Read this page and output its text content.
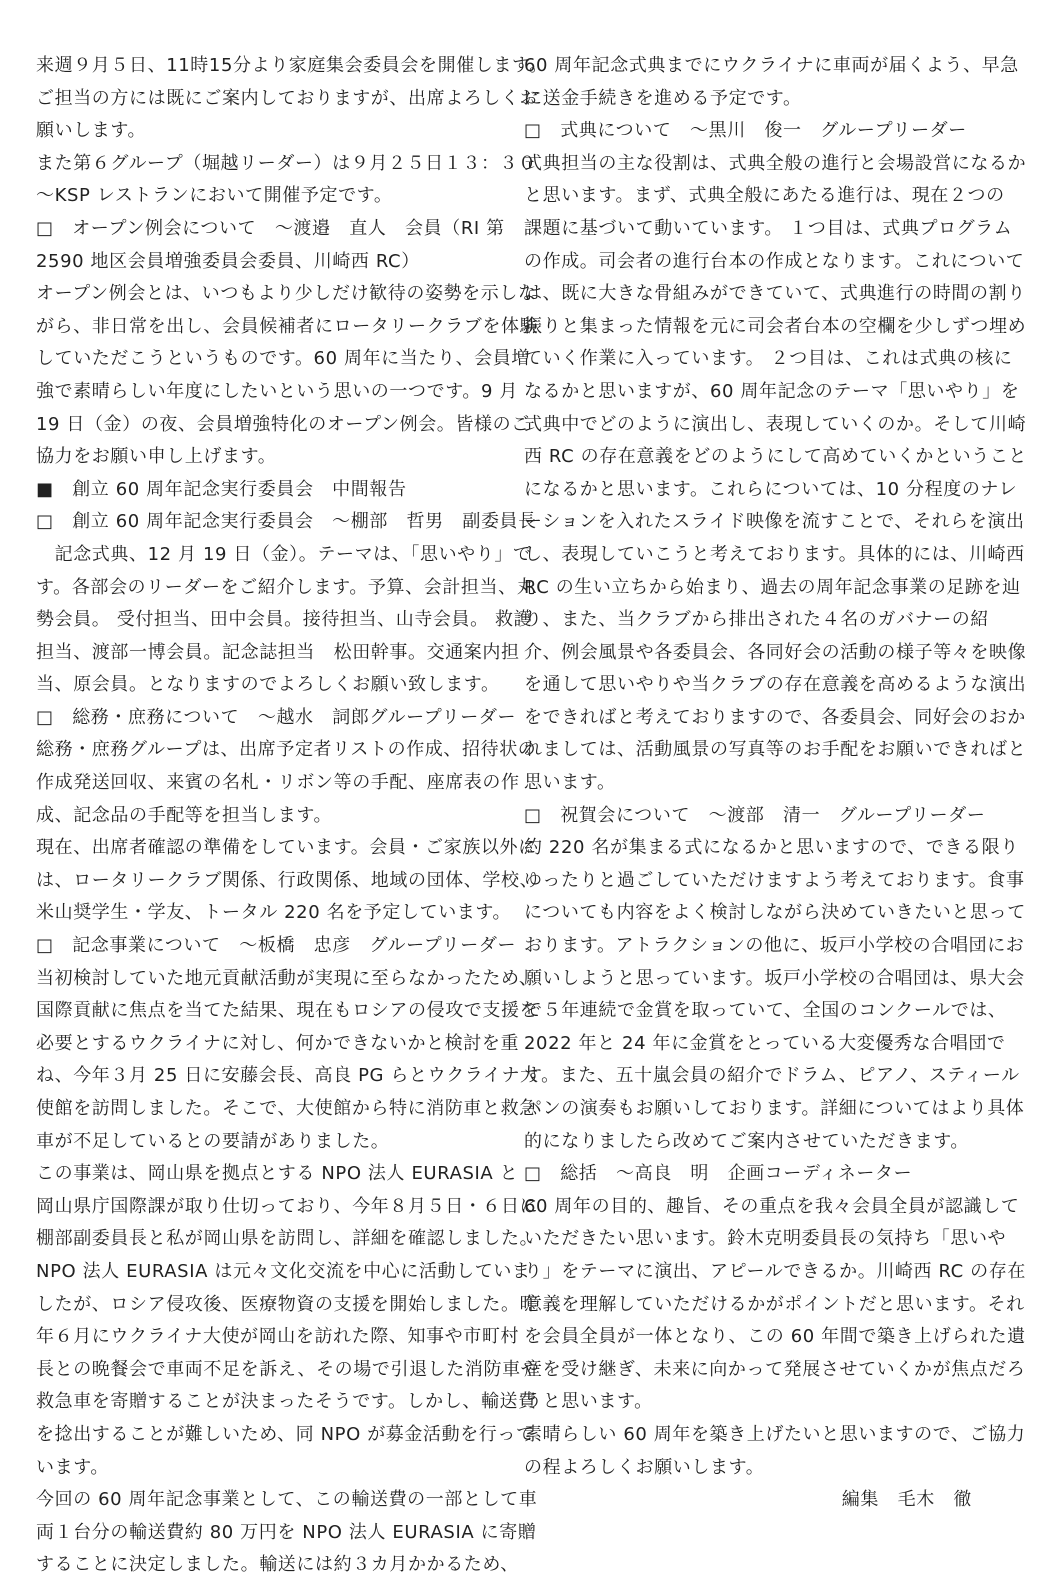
来週９月５日、11時15分より家庭集会委員会を開催します。
ご担当の方には既にご案内しておりますが、出席よろしくお
願いします。
また第６グループ（堀越リーダー）は９月２５日１３：３０
～KSP レストランにおいて開催予定です。
□　オープン例会について　～渡邉　直人　会員（RI 第
2590 地区会員増強委員会委員、川崎西 RC）
オープン例会とは、いつもより少しだけ歓待の姿勢を示しな
がら、非日常を出し、会員候補者にロータリークラブを体験
していただこうというものです。60 周年に当たり、会員増
強で素晴らしい年度にしたいという思いの一つです。9 月
19 日（金）の夜、会員増強特化のオープン例会。皆様のご
協力をお願い申し上げます。
■　創立 60 周年記念実行委員会　中間報告
□　創立 60 周年記念実行委員会　～棚部　哲男　副委員長
　記念式典、12 月 19 日（金）。テーマは、「思いやり」で
す。各部会のリーダーをご紹介します。予算、会計担当、丸
勢会員。 受付担当、田中会員。接待担当、山寺会員。 救護
担当、渡部一博会員。記念誌担当　松田幹事。交通案内担
当、原会員。となりますのでよろしくお願い致します。
□　総務・庶務について　～越水　詞郎グループリーダー
総務・庶務グループは、出席予定者リストの作成、招待状の
作成発送回収、来賓の名札・リボン等の手配、座席表の作
成、記念品の手配等を担当します。
現在、出席者確認の準備をしています。会員・ご家族以外に
は、ロータリークラブ関係、行政関係、地域の団体、学校、
米山奨学生・学友、トータル 220 名を予定しています。
□　記念事業について　～板橋　忠彦　グループリーダー
当初検討していた地元貢献活動が実現に至らなかったため、
国際貢献に焦点を当てた結果、現在もロシアの侵攻で支援を
必要とするウクライナに対し、何かできないかと検討を重
ね、今年３月 25 日に安藤会長、高良 PG らとウクライナ大
使館を訪問しました。そこで、大使館から特に消防車と救急
車が不足しているとの要請がありました。
この事業は、岡山県を拠点とする NPO 法人 EURASIA と
岡山県庁国際課が取り仕切っており、今年８月５日・６日に
棚部副委員長と私が岡山県を訪問し、詳細を確認しました。
NPO 法人 EURASIA は元々文化交流を中心に活動していま
したが、ロシア侵攻後、医療物資の支援を開始しました。昨
年６月にウクライナ大使が岡山を訪れた際、知事や市町村
長との晩餐会で車両不足を訴え、その場で引退した消防車や
救急車を寄贈することが決まったそうです。しかし、輸送費
を捻出することが難しいため、同 NPO が募金活動を行って
います。
今回の 60 周年記念事業として、この輸送費の一部として車
両１台分の輸送費約 80 万円を NPO 法人 EURASIA に寄贈
することに決定しました。輸送には約３カ月かかるため、
60 周年記念式典までにウクライナに車両が届くよう、早急
に送金手続きを進める予定です。
□　式典について　～黒川　俊一　グループリーダー
式典担当の主な役割は、式典全般の進行と会場設営になるか
と思います。まず、式典全般にあたる進行は、現在２つの
課題に基づいて動いています。 １つ目は、式典プログラム
の作成。司会者の進行台本の作成となります。これについて
は、既に大きな骨組みができていて、式典進行の時間の割り
振りと集まった情報を元に司会者台本の空欄を少しずつ埋め
ていく作業に入っています。 ２つ目は、これは式典の核に
なるかと思いますが、60 周年記念のテーマ「思いやり」を
式典中でどのように演出し、表現していくのか。そして川崎
西 RC の存在意義をどのようにして高めていくかということ
になるかと思います。これらについては、10 分程度のナレ
ーションを入れたスライド映像を流すことで、それらを演出
し、表現していこうと考えております。具体的には、川崎西
RC の生い立ちから始まり、過去の周年記念事業の足跡を辿
り、また、当クラブから排出された４名のガバナーの紹
介、例会風景や各委員会、各同好会の活動の様子等々を映像
を通して思いやりや当クラブの存在意義を高めるような演出
をできればと考えておりますので、各委員会、同好会のおか
れましては、活動風景の写真等のお手配をお願いできればと
思います。
□　祝賀会について　～渡部　清一　グループリーダー
約 220 名が集まる式になるかと思いますので、できる限り
ゆったりと過ごしていただけますよう考えております。食事
についても内容をよく検討しながら決めていきたいと思って
おります。アトラクションの他に、坂戸小学校の合唱団にお
願いしようと思っています。坂戸小学校の合唱団は、県大会
で５年連続で金賞を取っていて、全国のコンクールでは、
2022 年と 24 年に金賞をとっている大変優秀な合唱団で
す。また、五十嵐会員の紹介でドラム、ピアノ、スティール
パンの演奏もお願いしております。詳細についてはより具体
的になりましたら改めてご案内させていただきます。
□　総括　～高良　明　企画コーディネーター
60 周年の目的、趣旨、その重点を我々会員全員が認識して
いただきたい思います。鈴木克明委員長の気持ち「思いや
り」をテーマに演出、アピールできるか。川崎西 RC の存在
意義を理解していただけるかがポイントだと思います。それ
を会員全員が一体となり、この 60 年間で築き上げられた遺
産を受け継ぎ、未来に向かって発展させていくかが焦点だろ
うと思います。
素晴らしい 60 周年を築き上げたいと思いますので、ご協力
の程よろしくお願いします。
編集　毛木　徹
